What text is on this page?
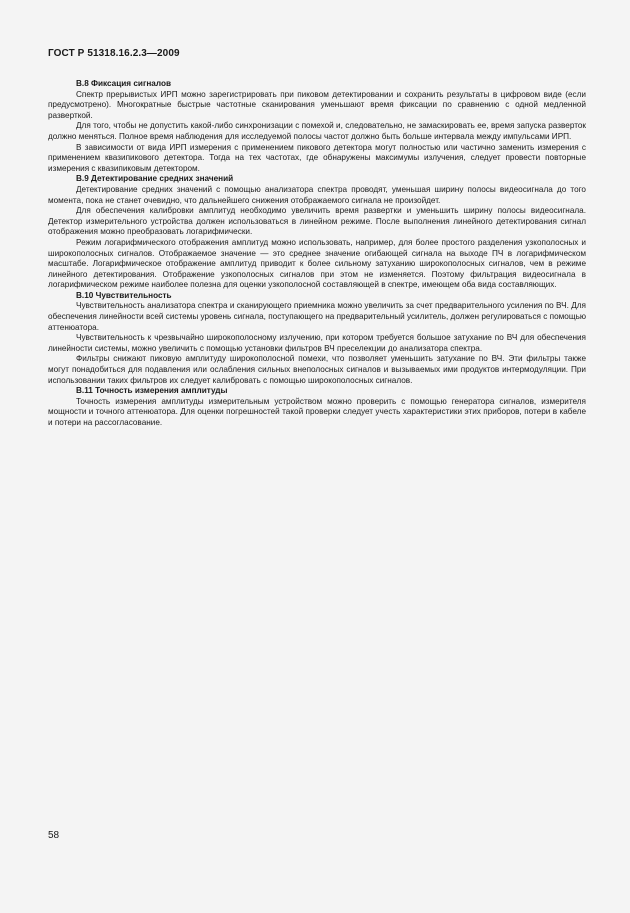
ГОСТ Р 51318.16.2.3—2009
В.8 Фиксация сигналов

Спектр прерывистых ИРП можно зарегистрировать при пиковом детектировании и сохранить результаты в цифровом виде (если предусмотрено). Многократные быстрые частотные сканирования уменьшают время фиксации по сравнению с одной медленной разверткой.

Для того, чтобы не допустить какой-либо синхронизации с помехой и, следовательно, не замаскировать ее, время запуска разверток должно меняться. Полное время наблюдения для исследуемой полосы частот должно быть больше интервала между импульсами ИРП.

В зависимости от вида ИРП измерения с применением пикового детектора могут полностью или частично заменить измерения с применением квазипикового детектора. Тогда на тех частотах, где обнаружены максимумы излучения, следует провести повторные измерения с квазипиковым детектором.

В.9 Детектирование средних значений

Детектирование средних значений с помощью анализатора спектра проводят, уменьшая ширину полосы видеосигнала до того момента, пока не станет очевидно, что дальнейшего снижения отображаемого сигнала не произойдет.

Для обеспечения калибровки амплитуд необходимо увеличить время развертки и уменьшить ширину полосы видеосигнала. Детектор измерительного устройства должен использоваться в линейном режиме. После выполнения линейного детектирования сигнал отображения можно преобразовать логарифмически.

Режим логарифмического отображения амплитуд можно использовать, например, для более простого разделения узкополосных и широкополосных сигналов. Отображаемое значение — это среднее значение огибающей сигнала на выходе ПЧ в логарифмическом масштабе. Логарифмическое отображение амплитуд приводит к более сильному затуханию широкополосных сигналов, чем в режиме линейного детектирования. Отображение узкополосных сигналов при этом не изменяется. Поэтому фильтрация видеосигнала в логарифмическом режиме наиболее полезна для оценки узкополосной составляющей в спектре, имеющем оба вида составляющих.

В.10 Чувствительность

Чувствительность анализатора спектра и сканирующего приемника можно увеличить за счет предварительного усиления по ВЧ. Для обеспечения линейности всей системы уровень сигнала, поступающего на предварительный усилитель, должен регулироваться с помощью аттенюатора.

Чувствительность к чрезвычайно широкополосному излучению, при котором требуется большое затухание по ВЧ для обеспечения линейности системы, можно увеличить с помощью установки фильтров ВЧ преселекции до анализатора спектра.

Фильтры снижают пиковую амплитуду широкополосной помехи, что позволяет уменьшить затухание по ВЧ. Эти фильтры также могут понадобиться для подавления или ослабления сильных внеполосных сигналов и вызываемых ими продуктов интермодуляции. При использовании таких фильтров их следует калибровать с помощью широкополосных сигналов.

В.11 Точность измерения амплитуды

Точность измерения амплитуды измерительным устройством можно проверить с помощью генератора сигналов, измерителя мощности и точного аттенюатора. Для оценки погрешностей такой проверки следует учесть характеристики этих приборов, потери в кабеле и потери на рассогласование.

58
